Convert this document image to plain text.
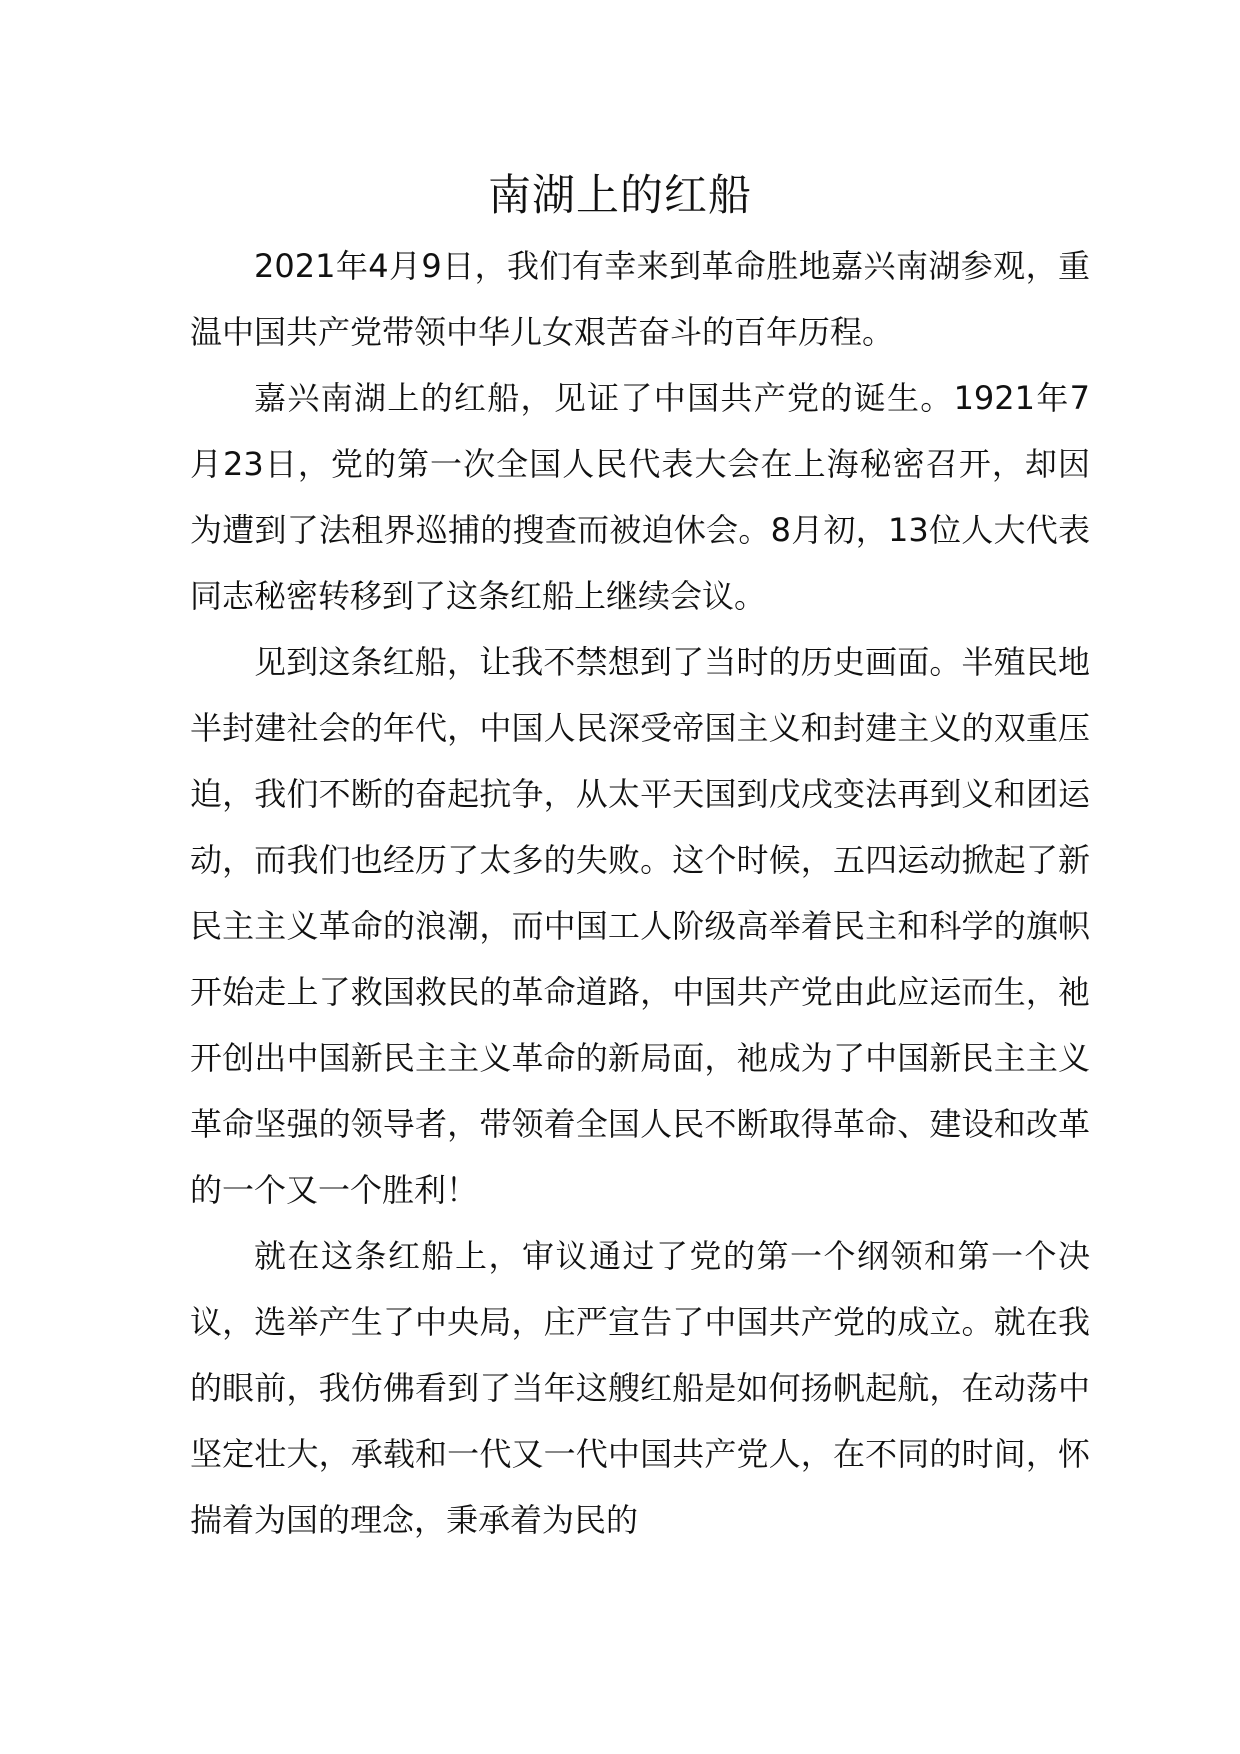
南湖上的红船

2021年4月9日，我们有幸来到革命胜地嘉兴南湖参观，重温中国共产党带领中华儿女艰苦奋斗的百年历程。

嘉兴南湖上的红船，见证了中国共产党的诞生。1921年7月23日，党的第一次全国人民代表大会在上海秘密召开，却因为遭到了法租界巡捕的搜查而被迫休会。8月初，13位人大代表同志秘密转移到了这条红船上继续会议。

见到这条红船，让我不禁想到了当时的历史画面。半殖民地半封建社会的年代，中国人民深受帝国主义和封建主义的双重压迫，我们不断的奋起抗争，从太平天国到戊戌变法再到义和团运动，而我们也经历了太多的失败。这个时候，五四运动掀起了新民主主义革命的浪潮，而中国工人阶级高举着民主和科学的旗帜开始走上了救国救民的革命道路，中国共产党由此应运而生，祂开创出中国新民主主义革命的新局面，祂成为了中国新民主主义革命坚强的领导者，带领着全国人民不断取得革命、建设和改革的一个又一个胜利！

就在这条红船上，审议通过了党的第一个纲领和第一个决议，选举产生了中央局，庄严宣告了中国共产党的成立。就在我的眼前，我仿佛看到了当年这艘红船是如何扬帆起航，在动荡中坚定壮大，承载和一代又一代中国共产党人，在不同的时间，怀揣着为国的理念，秉承着为民的
